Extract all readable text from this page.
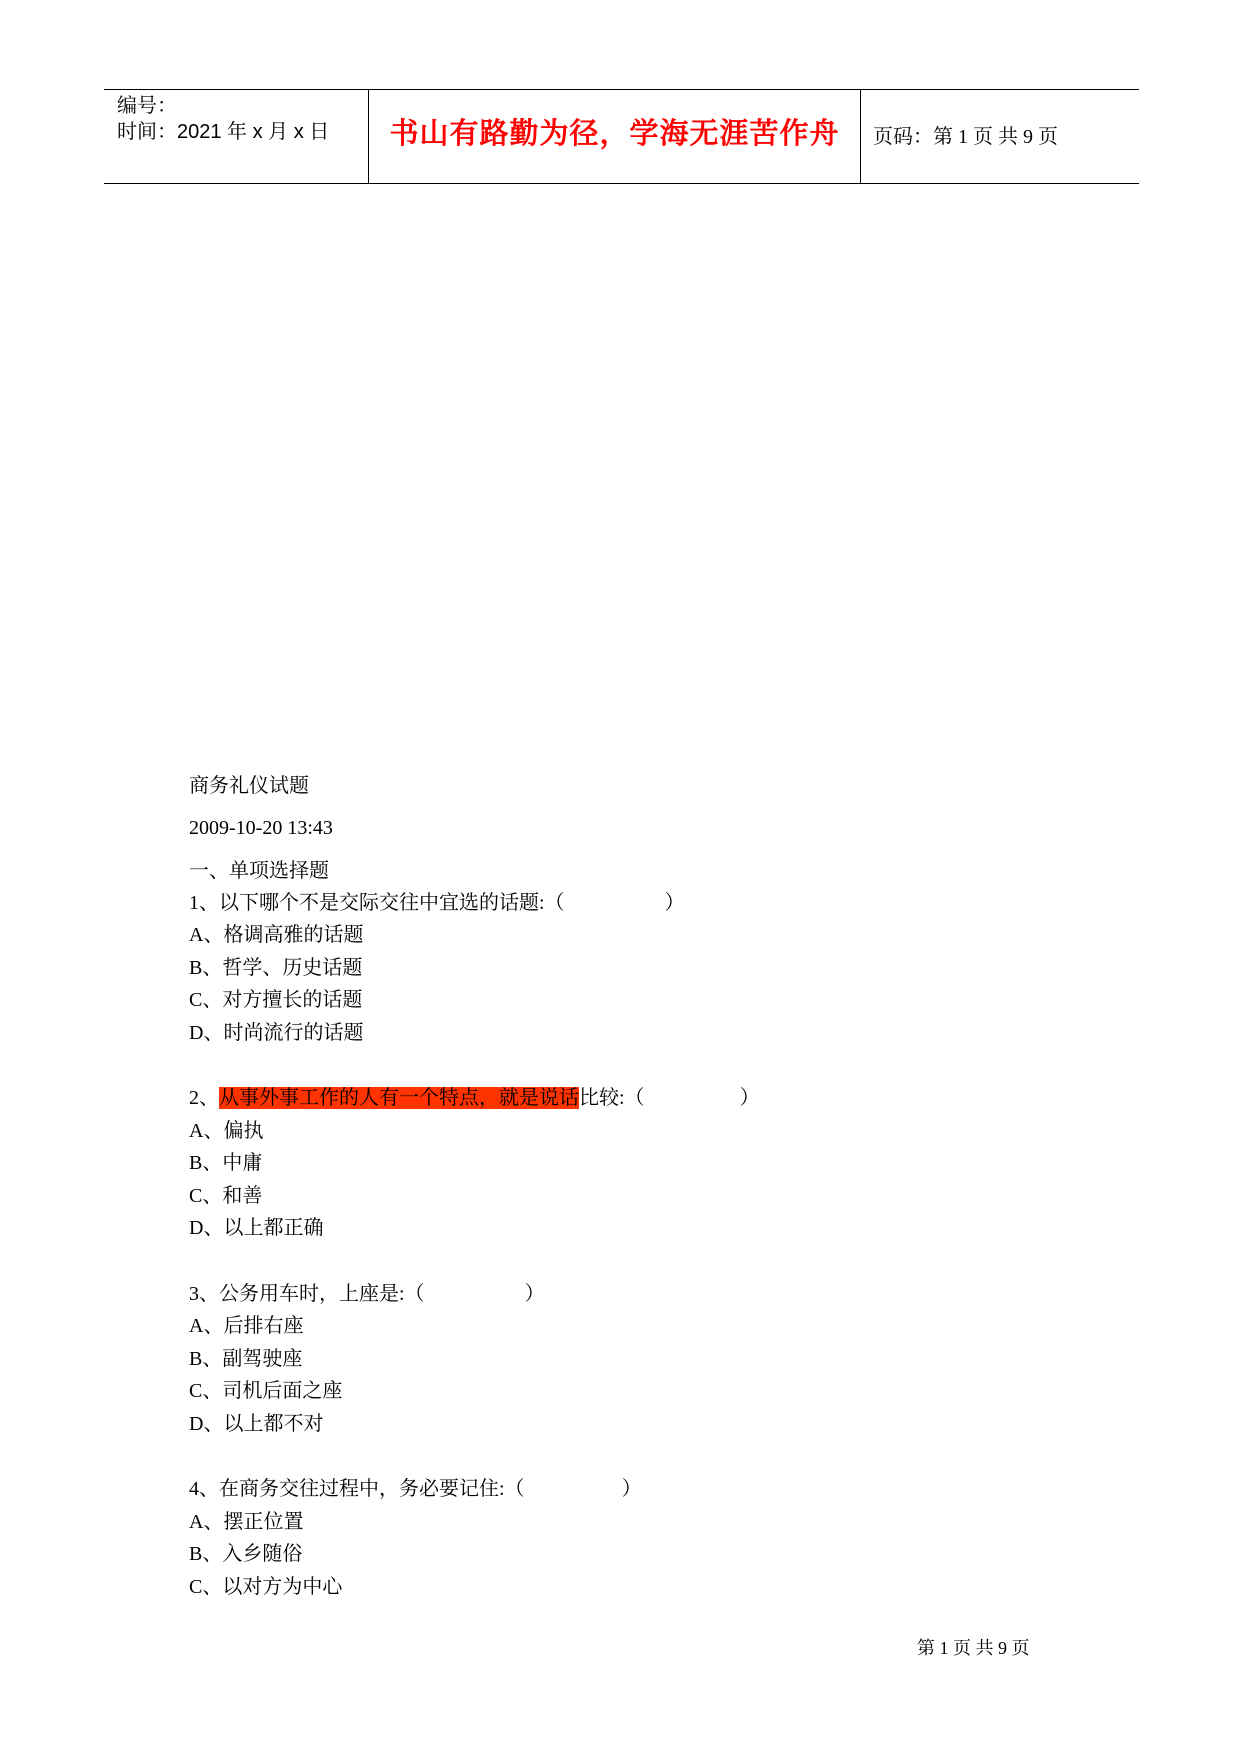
编号：
时间：2021 年 x 月 x 日	书山有路勤为径，学海无涯苦作舟	页码：第 1 页 共 9 页
商务礼仪试题
2009-10-20 13:43
一、单项选择题
1、以下哪个不是交际交往中宜选的话题:（	）
A、格调高雅的话题
B、哲学、历史话题
C、对方擅长的话题
D、时尚流行的话题
2、从事外事工作的人有一个特点，就是说话比较:（	）
A、偏执
B、中庸
C、和善
D、以上都正确
3、公务用车时，上座是:（	）
A、后排右座
B、副驾驶座
C、司机后面之座
D、以上都不对
4、在商务交往过程中，务必要记住:（	）
A、摆正位置
B、入乡随俗
C、以对方为中心
第 1 页 共 9 页
